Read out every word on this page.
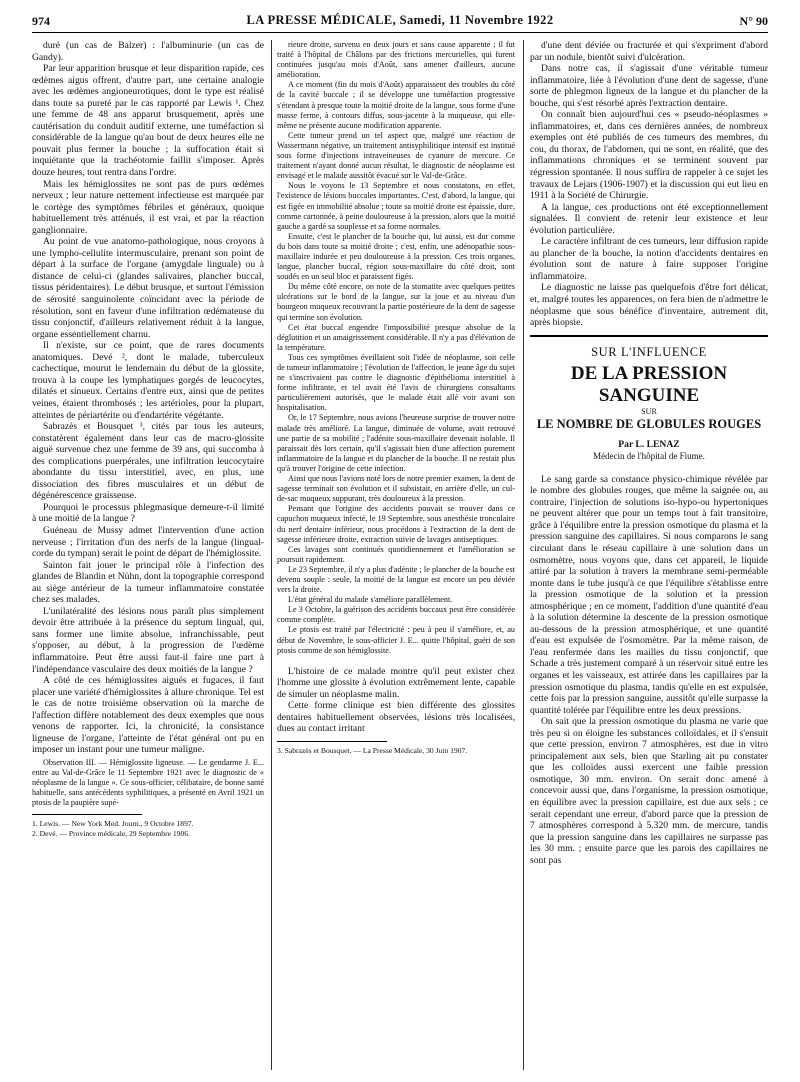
974	LA PRESSE MÉDICALE, Samedi, 11 Novembre 1922	N° 90

duré (un cas de Balzer) : l'albuminurie (un cas de Gandy).

Par leur apparition brusque et leur disparition rapide, ces œdèmes aigus offrent, d'autre part, une certaine analogie avec les œdèmes angioneurotiques, dont le type est réalisé dans toute sa pureté par le cas rapporté par Lewis ¹. Chez une femme de 48 ans apparut brusquement, après une cautérisation du conduit auditif externe, une tuméfaction si considérable de la langue qu'au bout de deux heures elle ne pouvait plus fermer la bouche ; la suffocation était si inquiétante que la trachéotomie faillit s'imposer. Après douze heures, tout rentra dans l'ordre.

Mais les hémiglossites ne sont pas de purs œdèmes nerveux ; leur nature nettement infectieuse est marquée par le cortège des symptômes fébriles et généraux, quoique habituellement très atténués, il est vrai, et par la réaction ganglionnaire.

Au point de vue anatomo-pathologique, nous croyons à une lympho-cellulite intermusculaire, prenant son point de départ à la surface de l'organe (amygdale linguale) ou à distance de celui-ci (glandes salivaires, plancher buccal, tissus péridentaires). Le début brusque, et surtout l'émission de sérosité sanguinolente coïncidant avec la période de résolution, sont en faveur d'une infiltration œdémateuse du tissu conjonctif, d'ailleurs relativement réduit à la langue, organe essentiellement charnu.

Il n'existe, sur ce point, que de rares documents anatomiques. Devé ², dont le malade, tuberculeux cachectique, mourut le lendemain du début de la glossite, trouva à la coupe les lymphatiques gorgés de leucocytes, dilatés et sinueux. Certains d'entre eux, ainsi que de petites veines, étaient thrombosés ; les artérioles, pour la plupart, atteintes de périartérite ou d'endartérite végétante.

Sabrazès et Bousquet ³, cités par tous les auteurs, constatèrent également dans leur cas de macro-glossite aiguë survenue chez une femme de 39 ans, qui succomba à des complications puerpérales, une infiltration leucocytaire abondante du tissu interstitiel, avec, en plus, une dissociation des fibres musculaires et un début de dégénérescence graisseuse.

Pourquoi le processus phlegmasique demeure-t-il limité à une moitié de la langue ?

Guéneau de Mussy admet l'intervention d'une action nerveuse ; l'irritation d'un des nerfs de la langue (lingual-corde du tympan) serait le point de départ de l'hémiglossite.

Sainton fait jouer le principal rôle à l'infection des glandes de Blandin et Nühn, dont la topographie correspond au siège antérieur de la tumeur inflammatoire constatée chez ses malades.

L'unilatéralité des lésions nous paraît plus simplement devoir être attribuée à la présence du septum lingual, qui, sans former une limite absolue, infranchissable, peut s'opposer, au début, à la progression de l'œdème inflammatoire. Peut être aussi faut-il faire une part à l'indépendance vasculaire des deux moitiés de la langue ?

A côté de ces hémiglossites aiguës et fugaces, il faut placer une variété d'hémiglossites à allure chronique. Tel est le cas de notre troisième observation où la marche de l'affection diffère notablement des deux exemples que nous venons de rapporter. Ici, la chronicité, la consistance ligneuse de l'organe, l'atteinte de l'état général ont pu en imposer un instant pour une tumeur maligne.

Observation III. — Hémiglossite ligneuse. — Le gendarme J. E... entre au Val-de-Grâce le 11 Septembre 1921 avec le diagnostic de « néoplasme de la langue ». Ce sous-officier, célibataire, de bonne santé habituelle, sans antécédents syphilitiques, a présenté en Avril 1921 un ptosis de la paupière supé-

1. Lewis. — New York Med. Journ., 9 Octobre 1897.

2. Devé. — Province médicale, 29 Septembre 1906.

rieure droite, survenu en deux jours et sans cause apparente ; il fut traité à l'hôpital de Châlons par des frictions mercurielles, qui furent continuées jusqu'au mois d'Août, sans amener d'ailleurs, aucune amélioration.

A ce moment (fin du mois d'Août) apparaissent des troubles du côté de la cavité buccale ; il se développe une tuméfaction progressive s'étendant à presque toute la moitié droite de la langue, sous forme d'une masse ferme, à contours diffus, sous-jacente à la muqueuse, qui elle-même ne présente aucune modification apparente.

Cette tumeur prend un tel aspect que, malgré une réaction de Wassermann négative, un traitement antisyphilitique intensif est institué sous forme d'injections intraveineuses de cyanure de mercure. Ce traitement n'ayant donné aucun résultat, le diagnostic de néoplasme est envisagé et le malade aussitôt évacué sur le Val-de-Grâce.

Nous le voyons le 13 Septembre et nous constatons, en effet, l'existence de lésions buccales importantes. C'est, d'abord, la langue, qui est figée en immobilité absolue ; toute sa moitié droite est épaissie, dure, comme cartonnée, à peine douloureuse à la pression, alors que la moitié gauche a gardé sa souplesse et sa forme normales.

Ensuite, c'est le plancher de la bouche qui, lui aussi, est dur comme du bois dans toute sa moitié droite ; c'est, enfin, une adénopathie sous-maxillaire indurée et peu douloureuse à la pression. Ces trois organes, langue, plancher buccal, région sous-maxillaire du côté droit, sont soudés en un seul bloc et paraissent figés.

Du même côté encore, on note de la stomatite avec quelques petites ulcérations sur le bord de la langue, sur la joue et au niveau d'un bourgeon muqueux recouvrant la partie postérieure de la dent de sagesse qui termine son évolution.

Cet état buccal engendre l'impossibilité presque absolue de la déglutition et un amaigrissement considérable. Il n'y a pas d'élévation de la température.

Tous ces symptômes éveillaient soit l'idée de néoplasme, soit celle de tumeur inflammatoire ; l'évolution de l'affection, le jeune âge du sujet ne s'inscrivaient pas contre le diagnostic d'épithélioma interstitiel à forme infiltrante, et tel avait été l'avis de chirurgiens consultants particulièrement autorisés, que le malade était allé voir avant son hospitalisation.

Or, le 17 Septembre, nous avions l'heureuse surprise de trouver notre malade très amélioré. La langue, diminuée de volume, avait retrouvé une partie de sa mobilité ; l'adénite sous-maxillaire devenait isolable. Il paraissait dès lors certain, qu'il s'agissait bien d'une affection purement inflammatoire de la langue et du plancher de la bouche. Il ne restait plus qu'à trouver l'origine de cette infection.

Ainsi que nous l'avions noté lors de notre premier examen, la dent de sagesse terminait son évolution et il subsistait, en arrière d'elle, un cul-de-sac muqueux suppurant, très douloureux à la pression.

Pensant que l'origine des accidents pouvait se trouver dans ce capuchon muqueux infecté, le 19 Septembre, sous anesthésie tronculaire du nerf dentaire inférieur, nous procédons à l'extraction de la dent de sagesse inférieure droite, extraction suivie de lavages antiseptiques.

Ces lavages sont continués quotidiennement et l'amélioration se poursuit rapidement.

Le 23 Septembre, il n'y a plus d'adénite ; le plancher de la bouche est devenu souple : seule, la moitié de la langue est encore un peu déviée vers la droite.

L'état général du malade s'améliore parallèlement.

Le 3 Octobre, la guérison des accidents buccaux peut être considérée comme complète.

Le ptosis est traité par l'électricité : peu à peu il s'améliore, et, au début de Novembre, le sous-officier J. E... quitte l'hôpital, guéri de son ptosis comme de son hémiglossite.

L'histoire de ce malade montre qu'il peut exister chez l'homme une glossite à évolution extrêmement lente, capable de simuler un néoplasme malin.

Cette forme clinique est bien différente des glossites dentaires habituellement observées, lésions très localisées, dues au contact irritant

3. Sabrazès et Bousquet. — La Presse Médicale, 30 Juin 1907.

d'une dent déviée ou fracturée et qui s'expriment d'abord par un nodule, bientôt suivi d'ulcération.

Dans notre cas, il s'agissait d'une véritable tumeur inflammatoire, liée à l'évolution d'une dent de sagesse, d'une sorte de phlegmon ligneux de la langue et du plancher de la bouche, qui s'est résorbé après l'extraction dentaire.

On connaît bien aujourd'hui ces « pseudo-néoplasmes » inflammatoires, et, dans ces dernières années, de nombreux exemples ont été publiés de ces tumeurs des membres, du cou, du thorax, de l'abdomen, qui ne sont, en réalité, que des inflammations chroniques et se terminent souvent par régression spontanée. Il nous suffira de rappeler à ce sujet les travaux de Lejars (1906-1907) et la discussion qui eut lieu en 1911 à la Société de Chirurgie.

A la langue, ces productions ont été exceptionnellement signalées. Il convient de retenir leur existence et leur évolution particulière.

Le caractère infiltrant de ces tumeurs, leur diffusion rapide au plancher de la bouche, la notion d'accidents dentaires en évolution sont de nature à faire supposer l'origine inflammatoire.

Le diagnostic ne laisse pas quelquefois d'être fort délicat, et, malgré toutes les apparences, on fera bien de n'admettre le néoplasme que sous bénéfice d'inventaire, autrement dit, après biopsie.

SUR L'INFLUENCE
DE LA PRESSION SANGUINE
SUR
LE NOMBRE DE GLOBULES ROUGES
Par L. LENAZ
Médecin de l'hôpital de Fiume.

Le sang garde sa constance physico-chimique révélée par le nombre des globules rouges, que même la saignée ou, au contraire, l'injection de solutions iso-hypo-ou hypertoniques ne peuvent altérer que pour un temps tout à fait transitoire, grâce à l'équilibre entre la pression osmotique du plasma et la pression sanguine des capillaires. Si nous comparons le sang circulant dans le réseau capillaire à une solution dans un osmomètre, nous voyons que, dans cet appareil, le liquide attiré par la solution à travers la membrane semi-perméable monte dans le tube jusqu'à ce que l'équilibre s'établisse entre la pression osmotique de la solution et la pression atmosphérique ; en ce moment, l'addition d'une quantité d'eau à la solution détermine la descente de la pression osmotique au-dessous de la pression atmosphérique, et une quantité d'eau est expulsée de l'osmomètre. Par la même raison, de l'eau renfermée dans les mailles du tissu conjonctif, que Schade a très justement comparé à un réservoir situé entre les organes et les vaisseaux, est attirée dans les capillaires par la pression osmotique du plasma, tandis qu'elle en est expulsée, cette fois par la pression sanguine, aussitôt qu'elle surpasse la quantité tolérée par l'équilibre entre les deux pressions.

On sait que la pression osmotique du plasma ne varie que très peu si on éloigne les substances colloïdales, et il s'ensuit que cette pression, environ 7 atmosphères, est due in vitro principalement aux sels, bien que Starling ait pu constater que les colloïdes aussi exercent une faible pression osmotique, 30 mm. environ. On serait donc amené à concevoir aussi que, dans l'organisme, la pression osmotique, en équilibre avec la pression capillaire, est due aux sels ; ce serait cependant une erreur, d'abord parce que la pression de 7 atmosphères correspond à 5.320 mm. de mercure, tandis que la pression sanguine dans les capillaires ne surpasse pas les 30 mm. ; ensuite parce que les parois des capillaires ne sont pas
